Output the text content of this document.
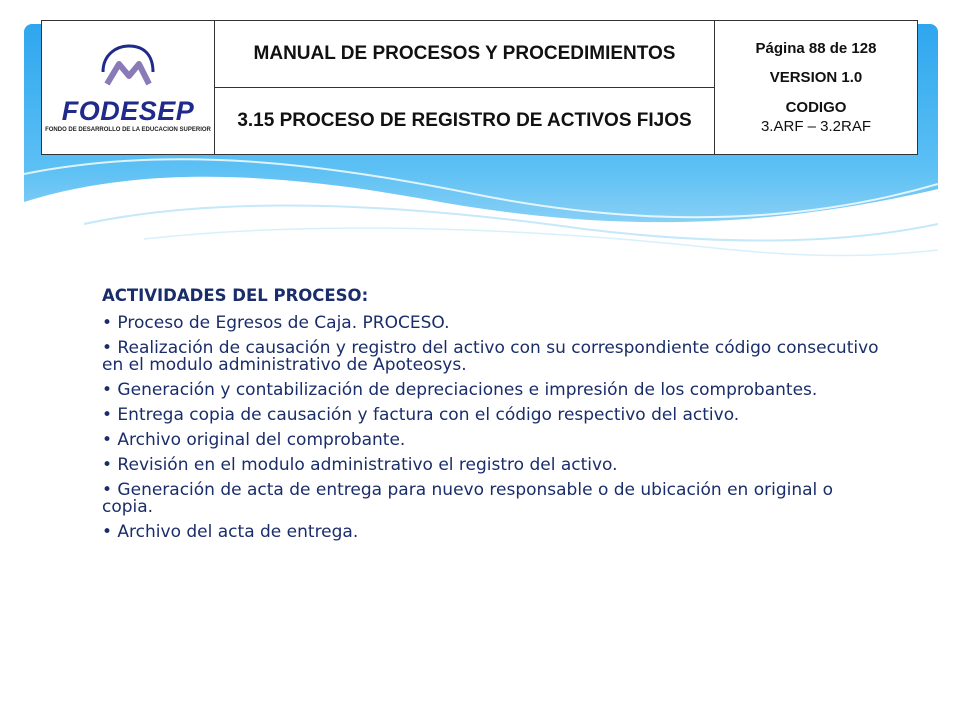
FODESEP
FONDO DE DESARROLLO DE LA EDUCACION SUPERIOR
	MANUAL DE PROCESOS Y PROCEDIMIENTOS	Página 88 de 128
VERSION 1.0
CODIGO
3.ARF – 3.2RAF

3.15 PROCESO DE REGISTRO DE ACTIVOS FIJOS

ACTIVIDADES DEL PROCESO:

• Proceso de Egresos de Caja. PROCESO.

• Realización de causación y registro del activo con su correspondiente código consecutivo en el modulo administrativo de Apoteosys.

• Generación y contabilización de depreciaciones e impresión de los comprobantes.

• Entrega copia de causación y factura con el código respectivo del activo.

• Archivo original del comprobante.

• Revisión en el modulo administrativo el registro del activo.

• Generación de acta de entrega para nuevo responsable o de ubicación en original o copia.

• Archivo del acta de entrega.
